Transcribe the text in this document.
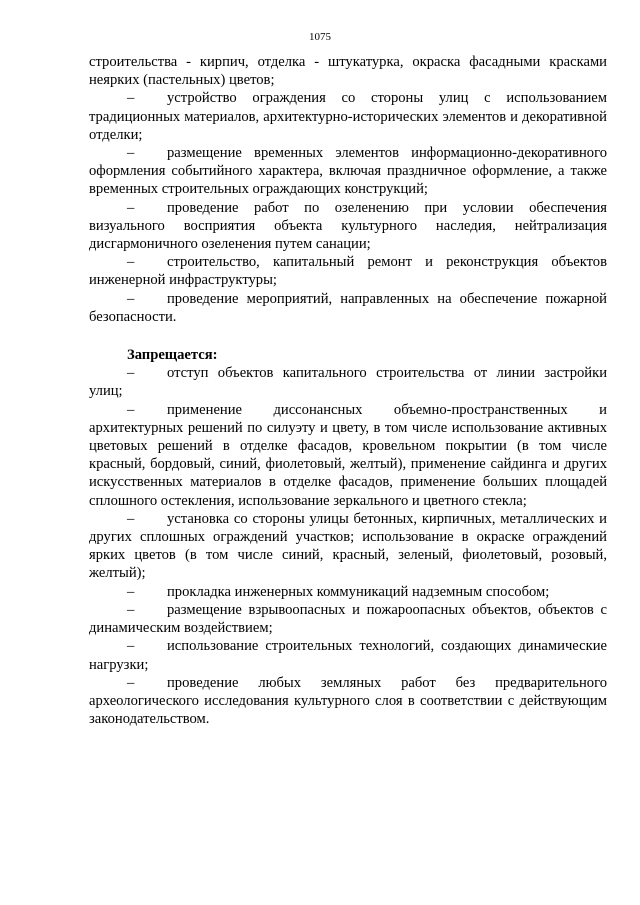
1075

строительства - кирпич, отделка - штукатурка, окраска фасадными красками неярких (пастельных) цветов;

– устройство ограждения со стороны улиц с использованием традиционных материалов, архитектурно-исторических элементов и декоративной отделки;

– размещение временных элементов информационно-декоративного оформления событийного характера, включая праздничное оформление, а также временных строительных ограждающих конструкций;

– проведение работ по озеленению при условии обеспечения визуального восприятия объекта культурного наследия, нейтрализация дисгармоничного озеленения путем санации;

– строительство, капитальный ремонт и реконструкция объектов инженерной инфраструктуры;

– проведение мероприятий, направленных на обеспечение пожарной безопасности.

Запрещается:

– отступ объектов капитального строительства от линии застройки улиц;

– применение диссонансных объемно-пространственных и архитектурных решений по силуэту и цвету, в том числе использование активных цветовых решений в отделке фасадов, кровельном покрытии (в том числе красный, бордовый, синий, фиолетовый, желтый), применение сайдинга и других искусственных материалов в отделке фасадов, применение больших площадей сплошного остекления, использование зеркального и цветного стекла;

– установка со стороны улицы бетонных, кирпичных, металлических и других сплошных ограждений участков; использование в окраске ограждений ярких цветов (в том числе синий, красный, зеленый, фиолетовый, розовый, желтый);

– прокладка инженерных коммуникаций надземным способом;

– размещение взрывоопасных и пожароопасных объектов, объектов с динамическим воздействием;

– использование строительных технологий, создающих динамические нагрузки;

– проведение любых земляных работ без предварительного археологического исследования культурного слоя в соответствии с действующим законодательством.
